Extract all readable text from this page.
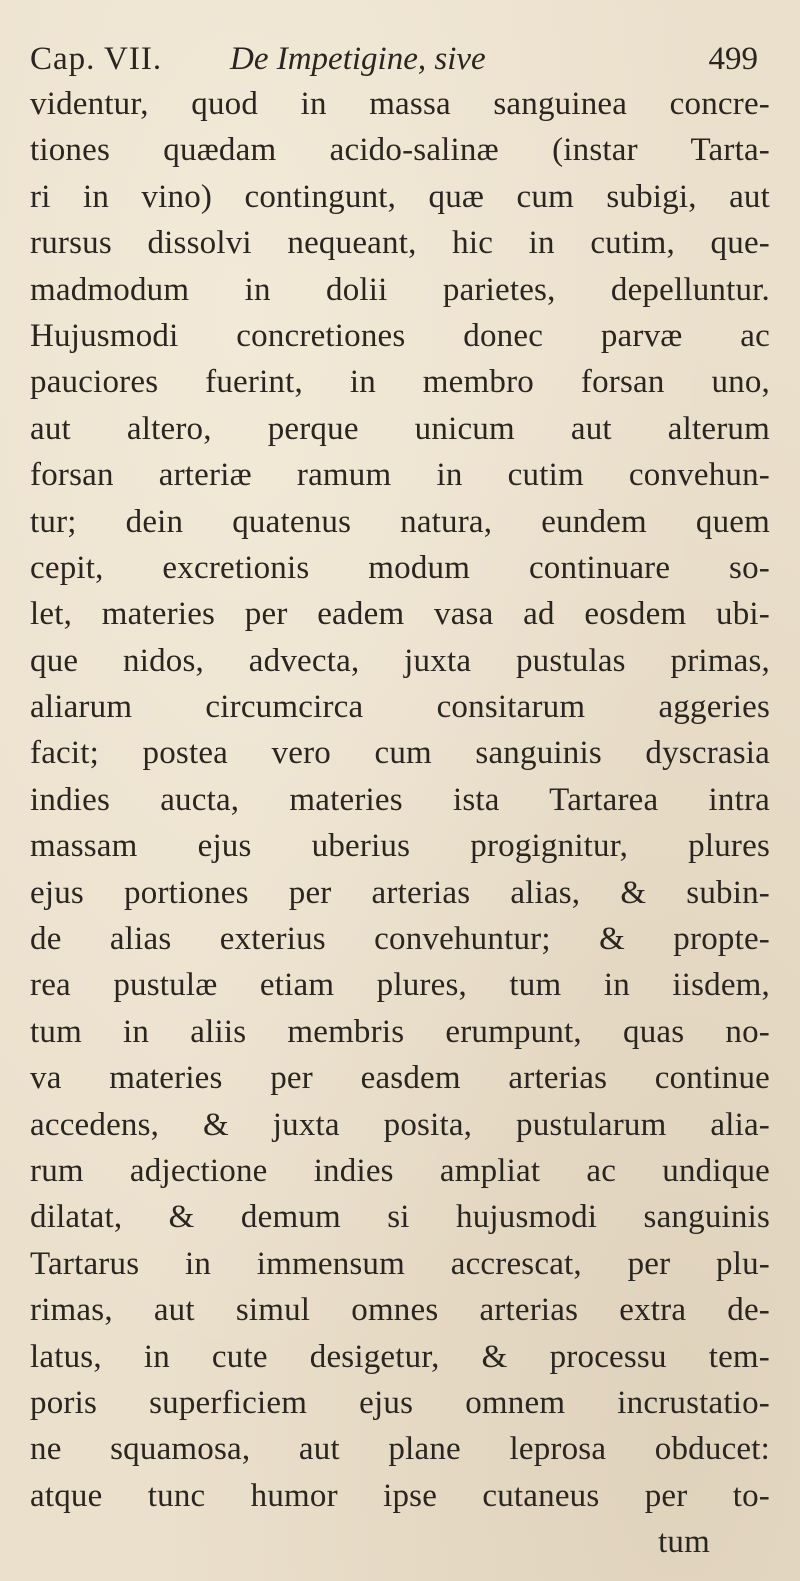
Cap. VII. De Impetigine, sive	499
videntur, quod in massa sanguinea concre-
tiones quædam acido-salinæ (instar Tarta-
ri in vino) contingunt, quæ cum subigi, aut
rursus dissolvi nequeant, hic in cutim, que-
madmodum in dolii parietes, depelluntur.
Hujusmodi concretiones donec parvæ ac
pauciores fuerint, in membro forsan uno,
aut altero, perque unicum aut alterum
forsan arteriæ ramum in cutim convehun-
tur; dein quatenus natura, eundem quem
cepit, excretionis modum continuare so-
let, materies per eadem vasa ad eosdem ubi-
que nidos, advecta, juxta pustulas primas,
aliarum circumcirca consitarum aggeries
facit; postea vero cum sanguinis dyscrasia
indies aucta, materies ista Tartarea intra
massam ejus uberius progignitur, plures
ejus portiones per arterias alias, & subin-
de alias exterius convehuntur; & propte-
rea pustulæ etiam plures, tum in iisdem,
tum in aliis membris erumpunt, quas no-
va materies per easdem arterias continue
accedens, & juxta posita, pustularum alia-
rum adjectione indies ampliat ac undique
dilatat, & demum si hujusmodi sanguinis
Tartarus in immensum accrescat, per plu-
rimas, aut simul omnes arterias extra de-
latus, in cute desigetur, & processu tem-
poris superficiem ejus omnem incrustatio-
ne squamosa, aut plane leprosa obducet:
atque tunc humor ipse cutaneus per to-
tum
